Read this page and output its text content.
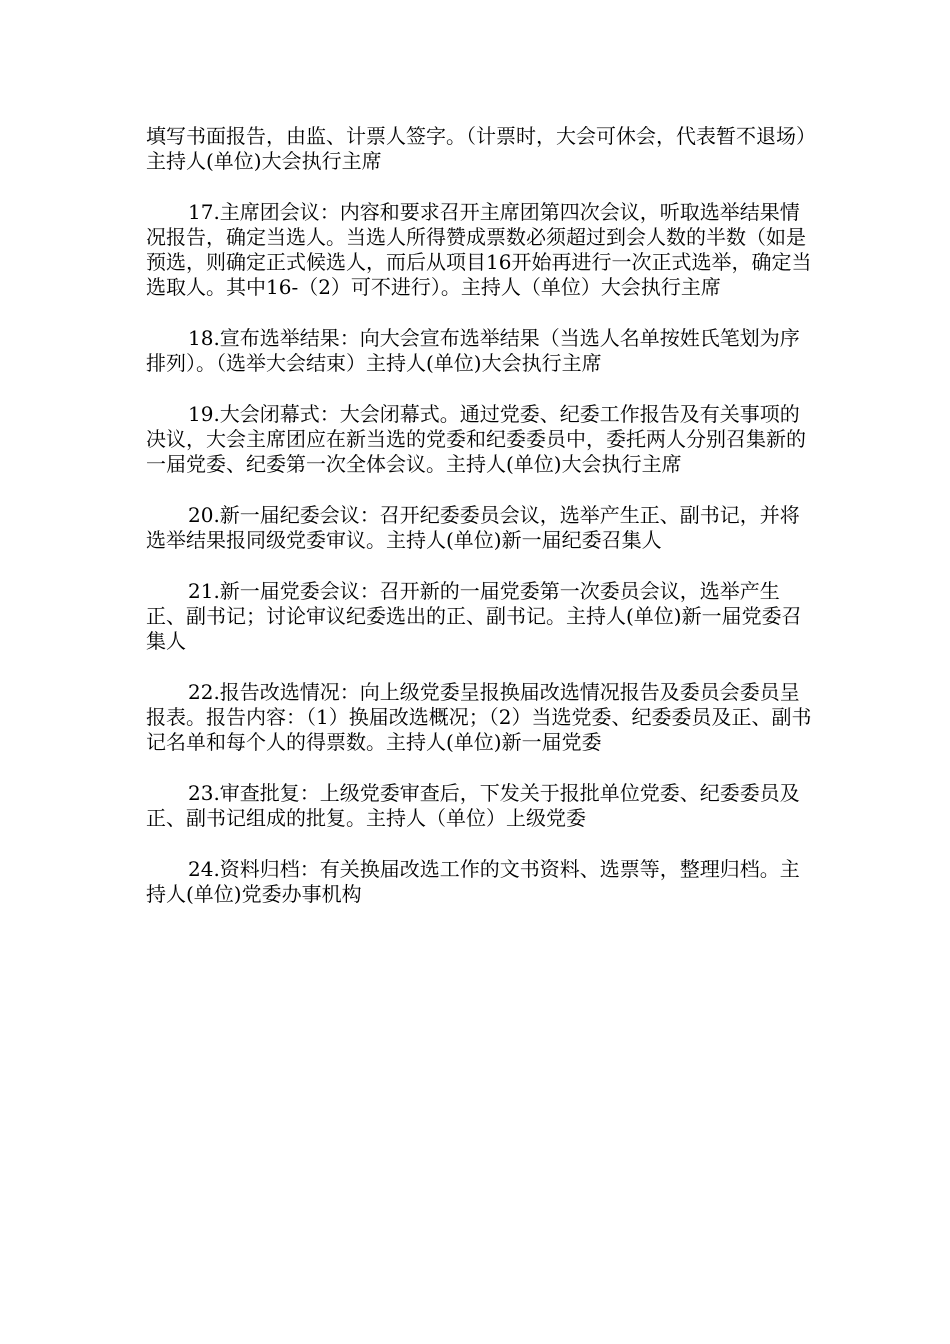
填写书面报告，由监、计票人签字。（计票时，大会可休会，代表暂不退场）主持人(单位)大会执行主席

17.主席团会议：内容和要求召开主席团第四次会议，听取选举结果情况报告，确定当选人。当选人所得赞成票数必须超过到会人数的半数（如是预选，则确定正式候选人，而后从项目16开始再进行一次正式选举，确定当选取人。其中16-（2）可不进行）。主持人（单位）大会执行主席

18.宣布选举结果：向大会宣布选举结果（当选人名单按姓氏笔划为序排列）。（选举大会结束）主持人(单位)大会执行主席

19.大会闭幕式：大会闭幕式。通过党委、纪委工作报告及有关事项的决议，大会主席团应在新当选的党委和纪委委员中，委托两人分别召集新的一届党委、纪委第一次全体会议。主持人(单位)大会执行主席

20.新一届纪委会议：召开纪委委员会议，选举产生正、副书记，并将选举结果报同级党委审议。主持人(单位)新一届纪委召集人

21.新一届党委会议：召开新的一届党委第一次委员会议，选举产生正、副书记；讨论审议纪委选出的正、副书记。主持人(单位)新一届党委召集人

22.报告改选情况：向上级党委呈报换届改选情况报告及委员会委员呈报表。报告内容：（1）换届改选概况；（2）当选党委、纪委委员及正、副书记名单和每个人的得票数。主持人(单位)新一届党委

23.审查批复：上级党委审查后，下发关于报批单位党委、纪委委员及正、副书记组成的批复。主持人（单位）上级党委

24.资料归档：有关换届改选工作的文书资料、选票等，整理归档。主持人(单位)党委办事机构
